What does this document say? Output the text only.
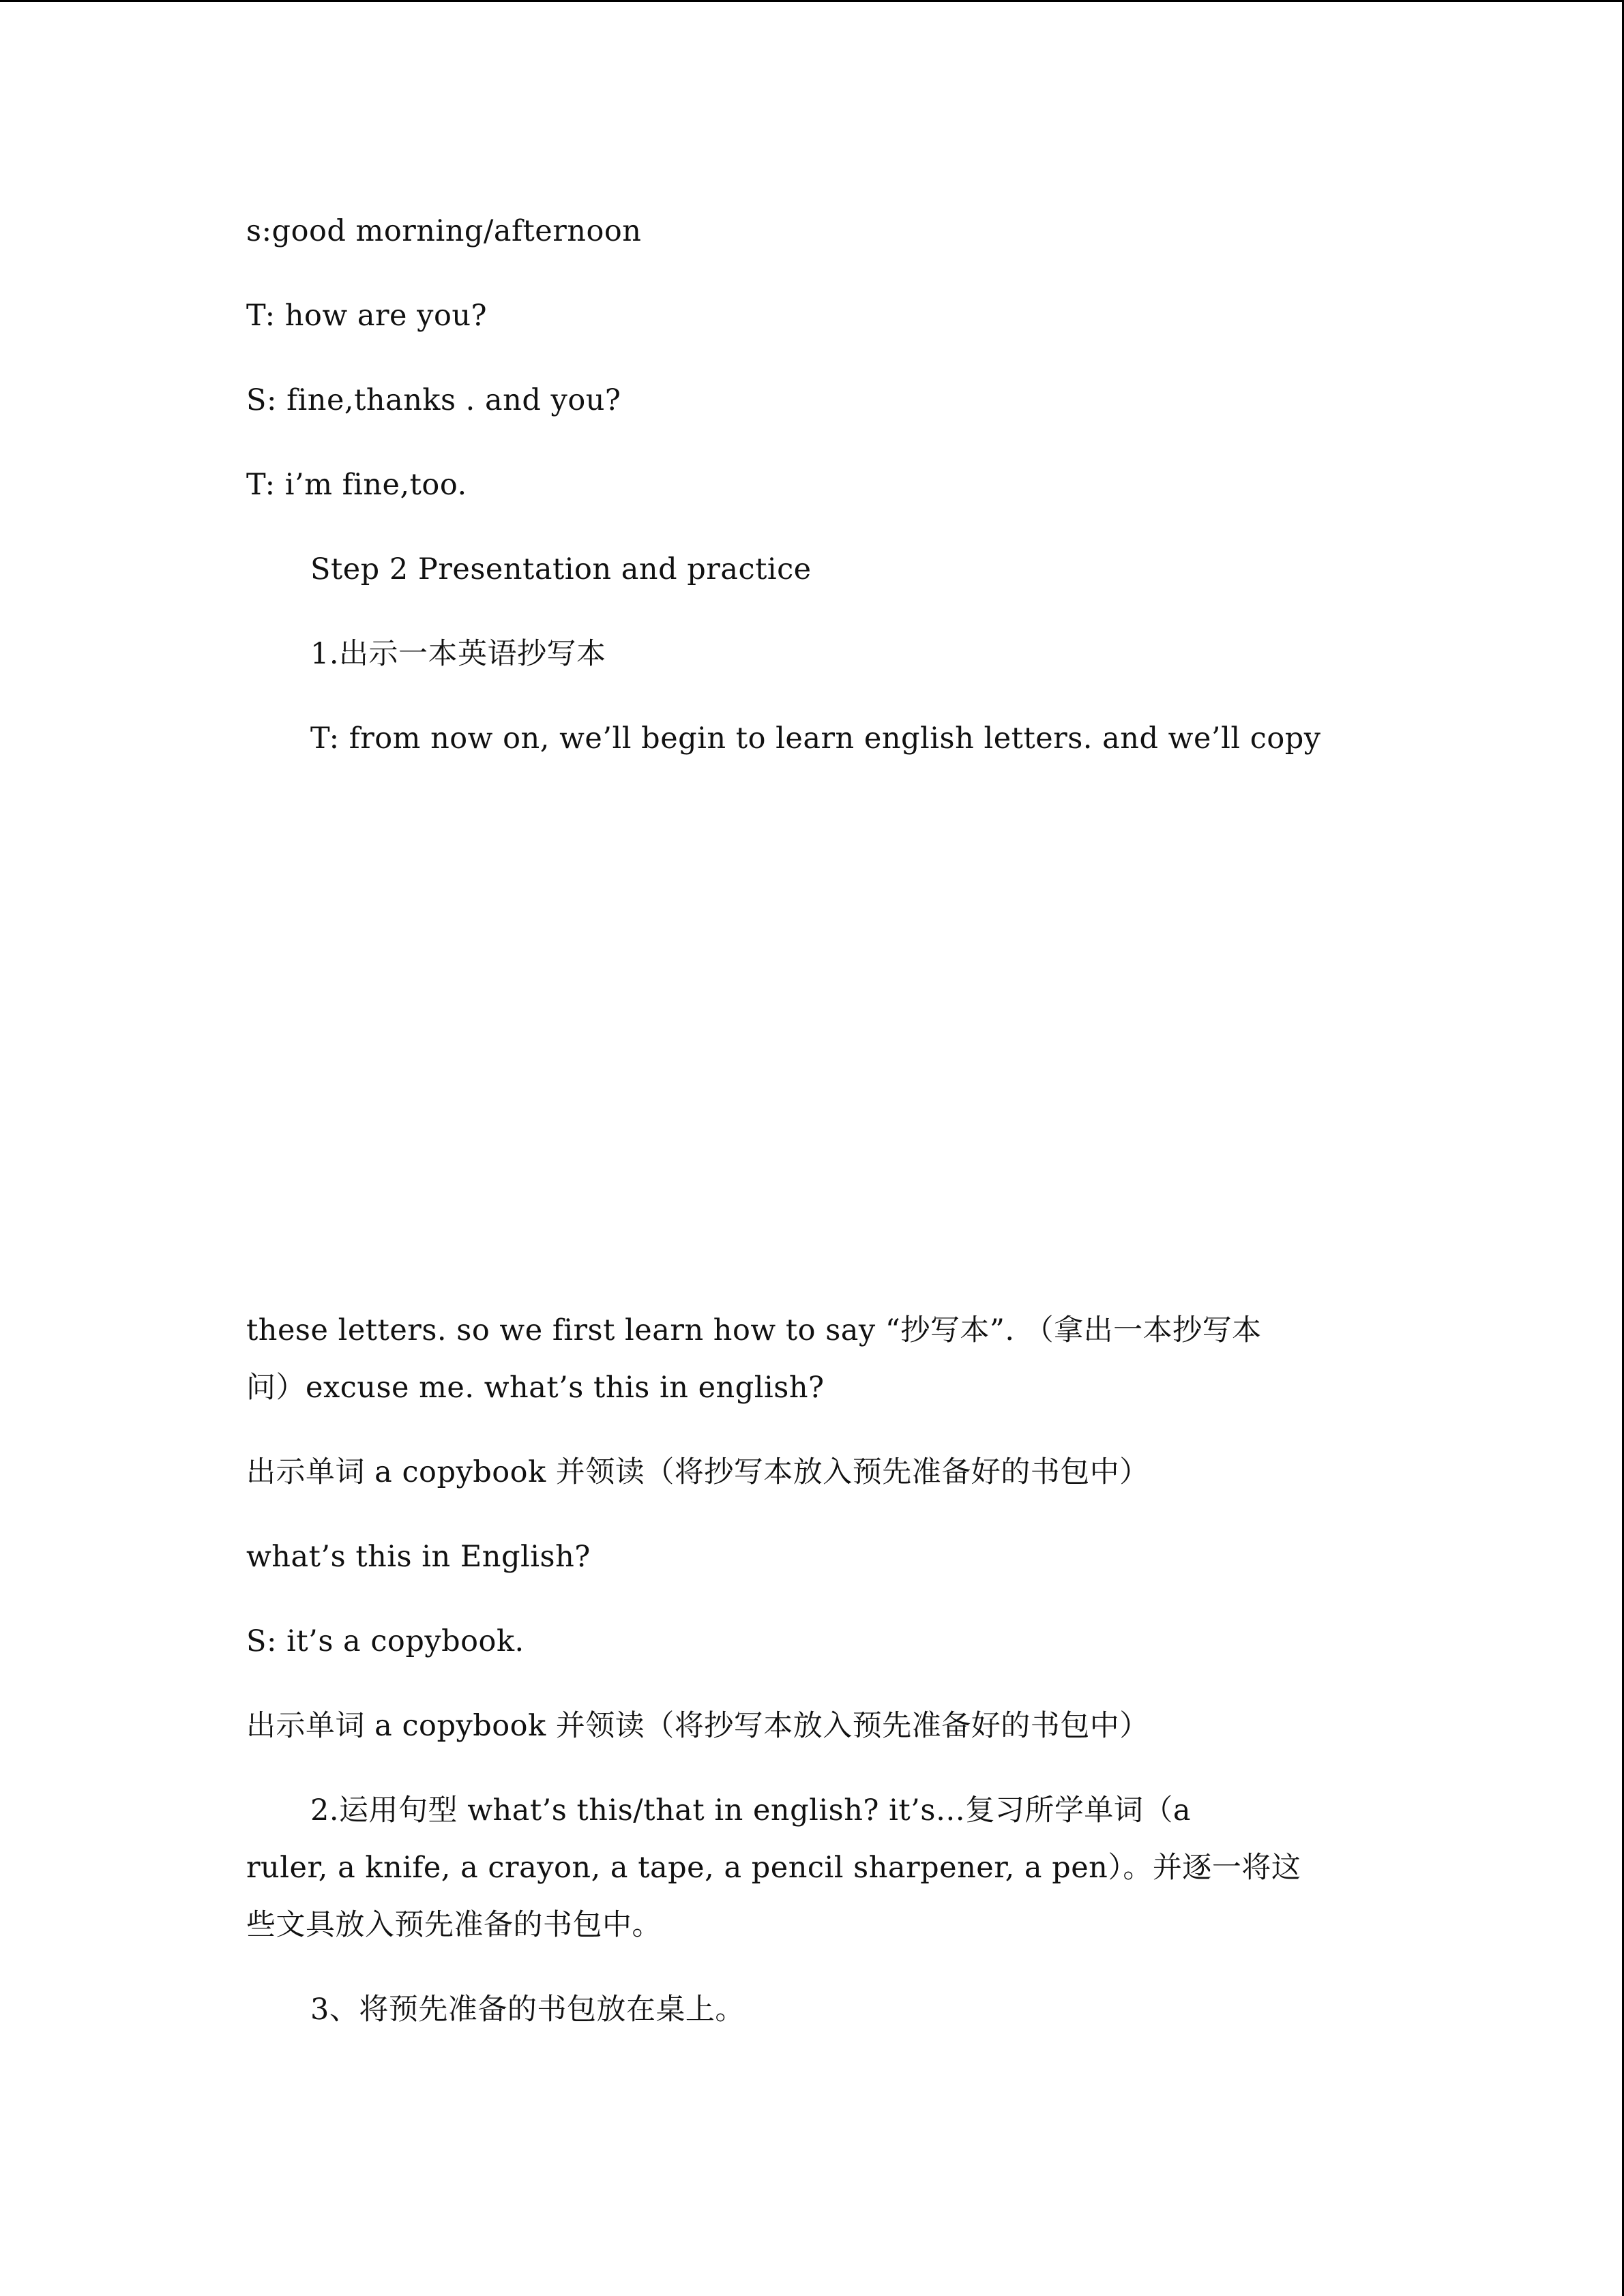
s:good morning/afternoon
T: how are you?
S: fine,thanks . and you?
T: i’m fine,too.
Step 2 Presentation and practice
1.出示一本英语抄写本
T: from now on, we’ll begin to learn english letters. and we’ll copy
these letters. so we first learn how to say “抄写本”. （拿出一本抄写本
问）excuse me. what’s this in english?
出示单词 a copybook 并领读（将抄写本放入预先准备好的书包中）
what’s this in English?
S: it’s a copybook.
出示单词 a copybook 并领读（将抄写本放入预先准备好的书包中）
2.运用句型 what’s this/that in english? it’s…复习所学单词（a
ruler, a knife, a crayon, a tape, a pencil sharpener, a pen）。并逐一将这
些文具放入预先准备的书包中。
3、将预先准备的书包放在桌上。
